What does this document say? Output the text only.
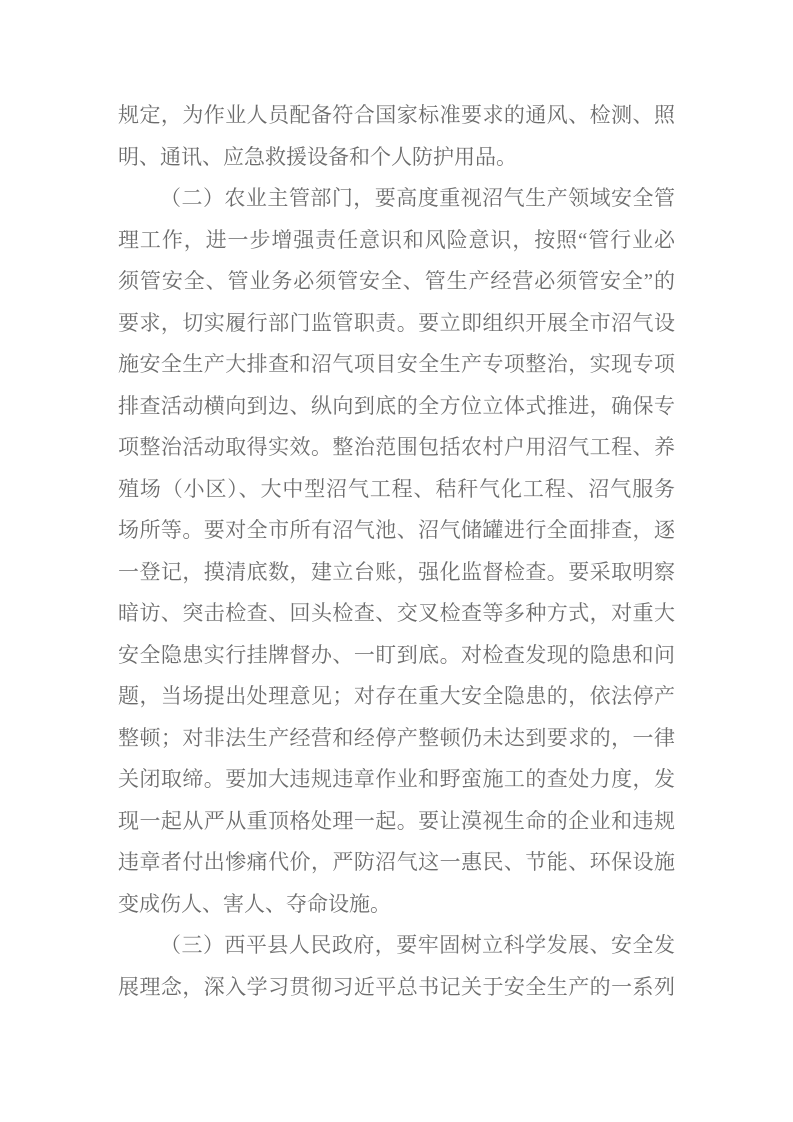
规定，为作业人员配备符合国家标准要求的通风、检测、照
明、通讯、应急救援设备和个人防护用品。
（二）农业主管部门，要高度重视沼气生产领域安全管
理工作，进一步增强责任意识和风险意识，按照“管行业必
须管安全、管业务必须管安全、管生产经营必须管安全”的
要求，切实履行部门监管职责。要立即组织开展全市沼气设
施安全生产大排查和沼气项目安全生产专项整治，实现专项
排查活动横向到边、纵向到底的全方位立体式推进，确保专
项整治活动取得实效。整治范围包括农村户用沼气工程、养
殖场（小区）、大中型沼气工程、秸秆气化工程、沼气服务
场所等。要对全市所有沼气池、沼气储罐进行全面排查，逐
一登记，摸清底数，建立台账，强化监督检查。要采取明察
暗访、突击检查、回头检查、交叉检查等多种方式，对重大
安全隐患实行挂牌督办、一盯到底。对检查发现的隐患和问
题，当场提出处理意见；对存在重大安全隐患的，依法停产
整顿；对非法生产经营和经停产整顿仍未达到要求的，一律
关闭取缔。要加大违规违章作业和野蛮施工的查处力度，发
现一起从严从重顶格处理一起。要让漠视生命的企业和违规
违章者付出惨痛代价，严防沼气这一惠民、节能、环保设施
变成伤人、害人、夺命设施。
（三）西平县人民政府，要牢固树立科学发展、安全发
展理念，深入学习贯彻习近平总书记关于安全生产的一系列
